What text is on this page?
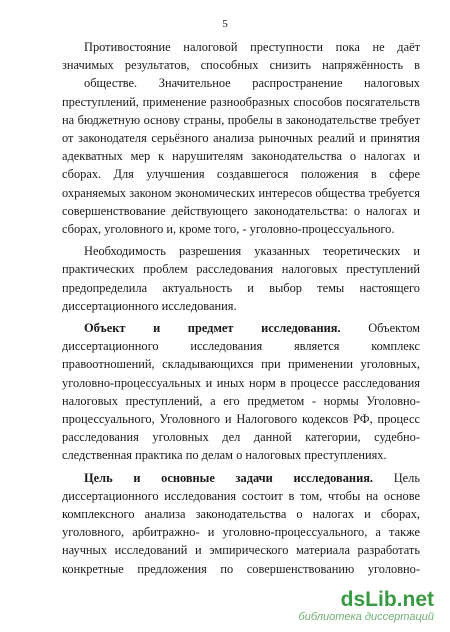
5
Противостояние налоговой преступности пока не даёт
значимых результатов, способных снизить напряжённость в
обществе. Значительное распространение налоговых
преступлений, применение разнообразных способов посягательств
на бюджетную основу страны, пробелы в законодательстве требует
от законодателя серьёзного анализа рыночных реалий и принятия
адекватных мер к нарушителям законодательства о налогах и
сборах. Для улучшения создавшегося положения в сфере
охраняемых законом экономических интересов общества требуется
совершенствование действующего законодательства: о налогах и
сборах, уголовного и, кроме того, - уголовно-процессуального.
Необходимость разрешения указанных теоретических и
практических проблем расследования налоговых преступлений
предопределила актуальность и выбор темы настоящего
диссертационного исследования.
Объект и предмет исследования. Объектом
диссертационного исследования является комплекс
правоотношений, складывающихся при применении уголовных,
уголовно-процессуальных и иных норм в процессе расследования
налоговых преступлений, а его предметом - нормы Уголовно-
процессуального, Уголовного и Налогового кодексов РФ, процесс
расследования уголовных дел данной категории, судебно-
следственная практика по делам о налоговых преступлениях.
Цель и основные задачи исследования. Цель
диссертационного исследования состоит в том, чтобы на основе
комплексного анализа законодательства о налогах и сборах,
уголовного, арбитражно- и уголовно-процессуального, а также
научных исследований и эмпирического материала разработать
конкретные предложения по совершенствованию уголовно-
dsLib.net
библиотека диссертаций
